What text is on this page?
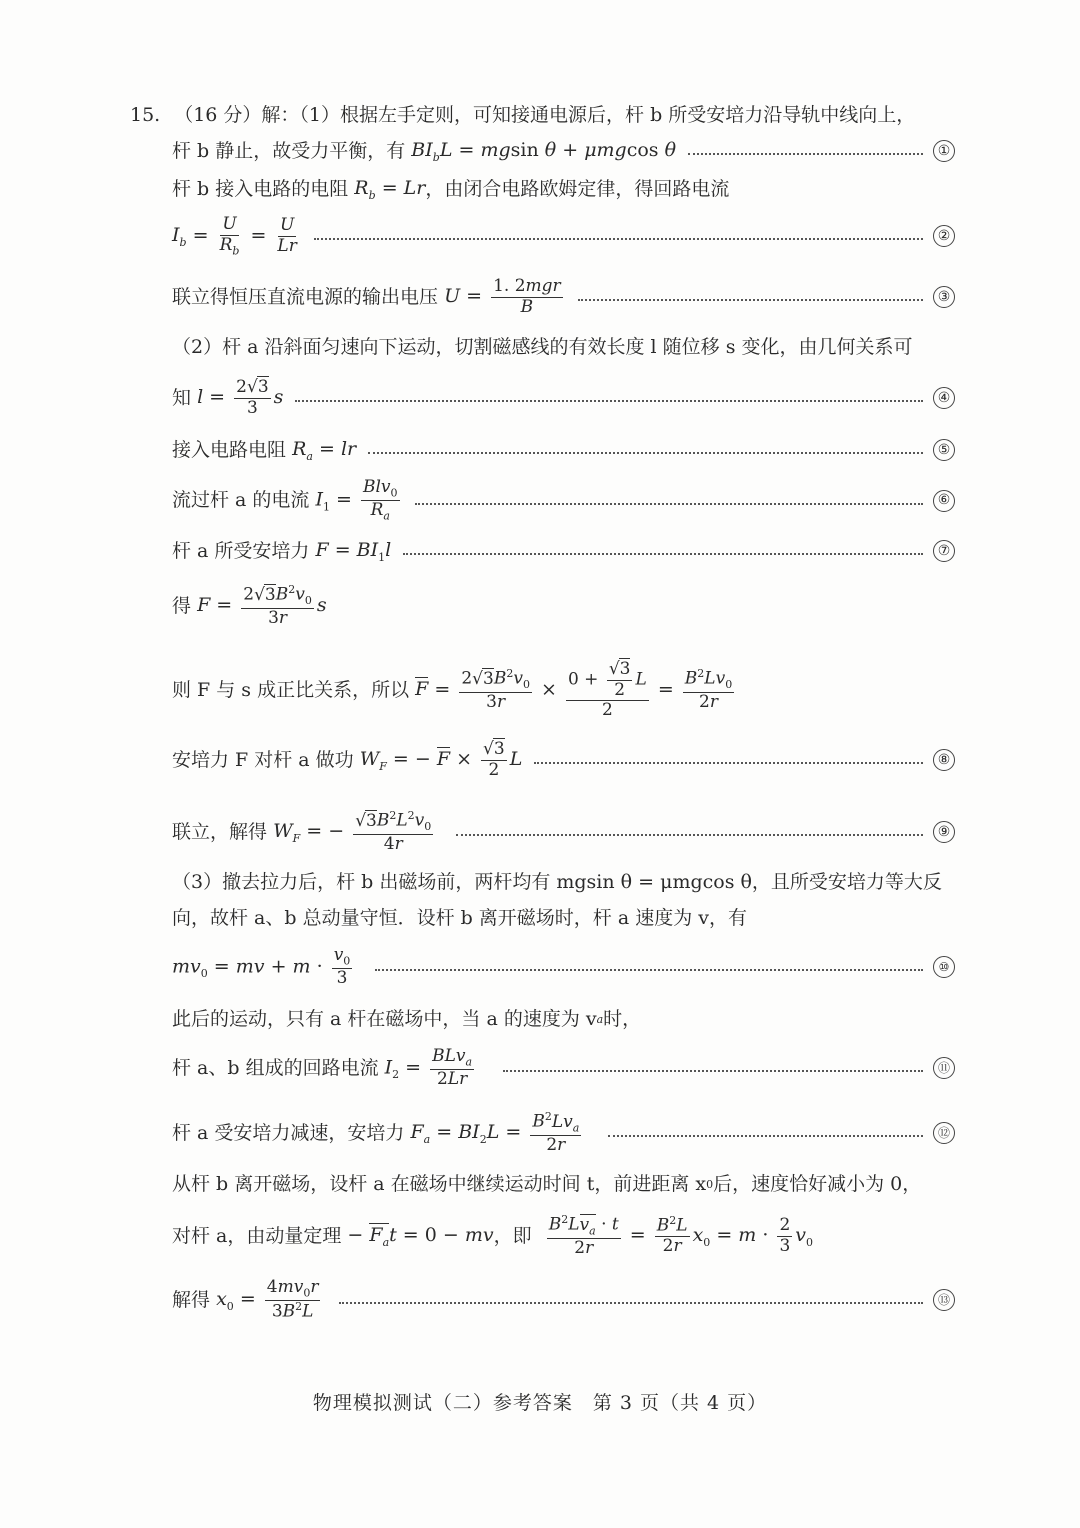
15. （16 分）解：（1）根据左手定则，可知接通电源后，杆 b 所受安培力沿导轨中线向上，
杆 b 静止，故受力平衡，有 $BI_bL = mgsin$ θ + μmgcos θ	①
杆 b 接入电路的电阻 $R_b = Lr$ ，由闭合电路欧姆定律，得回路电流
$I_b = \frac{U}{R_b} = \frac{U}{Lr}$	②
联立得恒压直流电源的输出电压 $U = \frac{\text{1. 2mgr}}{B}$	③
（2）杆 a 沿斜面匀速向下运动，切割磁感线的有效长度 l 随位移 s 变化，由几何关系可
知 $l = \frac{2√3}{3}$ s	④
接入电路电阻 $R_a$ = lr	⑤
流过杆 a 的电流 $I_1 = \frac{Blv_0}{R_a}$	⑥
杆 a 所受安培力 $F = BI_1l$	⑦
得 $F = \frac{2√3B^2v_0}{3r}$ s
则 F 与 s 成正比关系，所以 $F = \frac{2√3B^2v_0}{3r} \times \frac{0 + \frac{√3}{2} L}{2} = \frac{B^2Lv_0}{2r}$
安培力 F 对杆 a 做功 $W_F$ = − $F \times \frac{√3}{2}$ L	⑧
联立，解得 $W_F$ = − $\frac{√3B^2L^2v_0}{4r}$	⑨
（3）撤去拉力后，杆 b 出磁场前，两杆均有 mgsin θ = μmgcos θ，且所受安培力等大反
向，故杆 a、b 总动量守恒．设杆 b 离开磁场时，杆 a 速度为 v，有
$mv_0$ = mv + $m \cdot \frac{v_0}{3}$	⑩
此后的运动，只有 a 杆在磁场中，当 a 的速度为 v a 时，
杆 a、b 组成的回路电流 $I_2 = \frac{BLv_a}{2Lr}$	⑪
杆 a 受安培力减速，安培力 $F_a = BI_2L = \frac{B^2Lv_a}{2r}$	⑫
从杆 b 离开磁场，设杆 a 在磁场中继续运动时间 t，前进距离 x 0 后，速度恰好减小为 0，
对杆 a，由动量定理 − $F_at = 0$ − mv ，即
$\frac{B^2Lv_a \cdot t}{2r} = \frac{B^2L}{2r} x_0 = m \cdot \frac{2}{3} v_0$
解得 $x_0 = \frac{4mv_0r}{3B^2L}$	⑬
物理模拟测试（二）参考答案　第 3 页（共 4 页）
